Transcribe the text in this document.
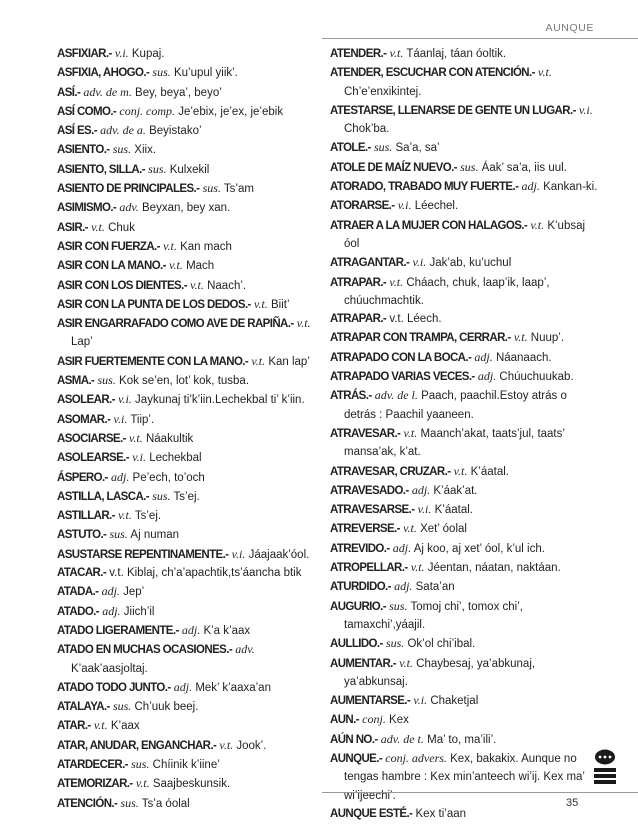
AUNQUE
ASFIXIAR.- v.i. Kupaj.
ASFIXIA, AHOGO.- sus. Ku’upul yiik’.
ASÍ.- adv. de m. Bey, beya’, beyo’
ASÍ COMO.- conj. comp. Je’ebix, je’ex, je’ebik
ASÍ ES.- adv. de a. Beyistako’
ASIENTO.- sus. Xiix.
ASIENTO, SILLA.- sus. Kulxekil
ASIENTO DE PRINCIPALES.- sus. Ts’am
ASIMISMO.- adv. Beyxan, bey xan.
ASIR.- v.t. Chuk
ASIR CON FUERZA.- v.t. Kan mach
ASIR CON LA MANO.- v.t. Mach
ASIR CON LOS DIENTES.- v.t. Naach’.
ASIR CON LA PUNTA DE LOS DEDOS.- v.t. Biit’
ASIR ENGARRAFADO COMO AVE DE RAPIÑA.- v.t. Lap’
ASIR FUERTEMENTE CON LA MANO.- v.t. Kan lap’
ASMA.- sus. Kok se’en, lot’ kok, tusba.
ASOLEAR.- v.i. Jaykunaj ti’k’iin.Lechekbal ti’ k’iin.
ASOMAR.- v.i. Tiip’.
ASOCIARSE.- v.t. Náakultik
ASOLEARSE.- v.i. Lechekbal
ÁSPERO.- adj. Pe’ech, to’och
ASTILLA, LASCA.- sus. Ts’ej.
ASTILLAR.- v.t. Ts’ej.
ASTUTO.- sus. Aj numan
ASUSTARSE REPENTINAMENTE.- v.i. Jáajaak’óol.
ATACAR.- v.t. Kiblaj, ch’a’apachtik,ts’áancha btik
ATADA.- adj. Jep’
ATADO.- adj. Jiich’il
ATADO LIGERAMENTE.- adj. K’a k’aax
ATADO EN MUCHAS OCASIONES.- adv. K’aak’aasjoltaj.
ATADO TODO JUNTO.- adj. Mek’ k’aaxa’an
ATALAYA.- sus. Ch’uuk beej.
ATAR.- v.t. K’aax
ATAR, ANUDAR, ENGANCHAR.- v.t. Jook’.
ATARDECER.- sus. Chíinik k’iine’
ATEMORIZAR.- v.t. Saajbeskunsik.
ATENCIÓN.- sus. Ts’a óolal
ATENDER.- v.t. Táanlaj, táan óoltik.
ATENDER, ESCUCHAR CON ATENCIÓN.- v.t. Ch’e’enxikintej.
ATESTARSE, LLENARSE DE GENTE UN LUGAR.- v.i. Chok’ba.
ATOLE.- sus. Sa’a, sa’
ATOLE DE MAÍZ NUEVO.- sus. Áak’ sa’a, iis uul.
ATORADO, TRABADO MUY FUERTE.- adj. Kankan-ki.
ATORARSE.- v.i. Léechel.
ATRAER A LA MUJER CON HALAGOS.- v.t. K’ubsaj óol
ATRAGANTAR.- v.i. Jak’ab, ku’uchul
ATRAPAR.- v.t. Cháach, chuk, laap’ik, laap’, chúuchmachtik.
ATRAPAR.- v.t. Léech.
ATRAPAR CON TRAMPA, CERRAR.- v.t. Nuup’.
ATRAPADO CON LA BOCA.- adj. Náanaach.
ATRAPADO VARIAS VECES.- adj. Chúuchuukab.
ATRÁS.- adv. de l. Paach, paachil.Estoy atrás o detrás : Paachil yaaneen.
ATRAVESAR.- v.t. Maanch’akat, taats’jul, taats’ mansa’ak, k’at.
ATRAVESAR, CRUZAR.- v.t. K’áatal.
ATRAVESADO.- adj. K’áak’at.
ATRAVESARSE.- v.i. K’áatal.
ATREVERSE.- v.t. Xet’ óolal
ATREVIDO.- adj. Aj koo, aj xet’ óol, k’ul ich.
ATROPELLAR.- v.t. Jéentan, náatan, naktáan.
ATURDIDO.- adj. Sata’an
AUGURIO.- sus. Tomoj chi’, tomox chi’, tamaxchi’,yáajil.
AULLIDO.- sus. Ok’ol chi’ibal.
AUMENTAR.- v.t. Chaybesaj, ya’abkunaj, ya’abkunsaj.
AUMENTARSE.- v.i. Chaketjal
AUN.- conj. Kex
AÚN NO.- adv. de t. Ma’ to, ma’ili’.
AUNQUE.- conj. advers. Kex, bakakix. Aunque no tengas hambre : Kex min’anteech wi’ij. Kex ma’ wi’ijeechi’.
AUNQUE ESTÉ.- Kex ti’aan
35
